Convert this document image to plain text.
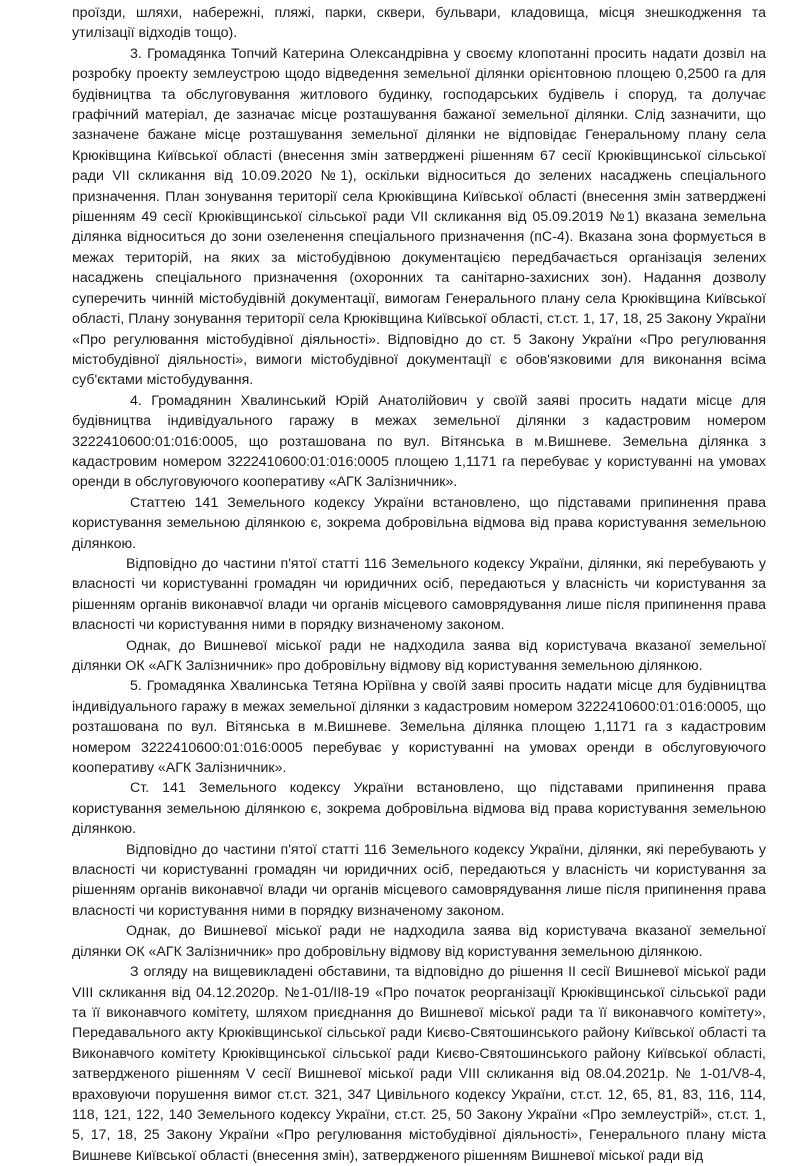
проїзди, шляхи, набережні, пляжі, парки, сквери, бульвари, кладовища, місця знешкодження та утилізації відходів тощо).

3. Громадянка Топчий Катерина Олександрівна у своєму клопотанні просить надати дозвіл на розробку проекту землеустрою щодо відведення земельної ділянки орієнтовною площею 0,2500 га для будівництва та обслуговування житлового будинку, господарських будівель і споруд, та долучає графічний матеріал, де зазначає місце розташування бажаної земельної ділянки. Слід зазначити, що зазначене бажане місце розташування земельної ділянки не відповідає Генеральному плану села Крюківщина Київської області (внесення змін затверджені рішенням 67 сесії Крюківщинської сільської ради VII скликання від 10.09.2020 №1), оскільки відноситься до зелених насаджень спеціального призначення. План зонування території села Крюківщина Київської області (внесення змін затверджені рішенням 49 сесії Крюківщинської сільської ради VII скликання від 05.09.2019 №1) вказана земельна ділянка відноситься до зони озеленення спеціального призначення (пС-4). Вказана зона формується в межах територій, на яких за містобудівною документацією передбачається організація зелених насаджень спеціального призначення (охоронних та санітарно-захисних зон). Надання дозволу суперечить чинній містобудівній документації, вимогам Генерального плану села Крюківщина Київської області, Плану зонування території села Крюківщина Київської області, ст.ст. 1, 17, 18, 25 Закону України «Про регулювання містобудівної діяльності». Відповідно до ст. 5 Закону України «Про регулювання містобудівної діяльності», вимоги містобудівної документації є обов'язковими для виконання всіма суб'єктами містобудування.

4. Громадянин Хвалинський Юрій Анатолійович у своїй заяві просить надати місце для будівництва індивідуального гаражу в межах земельної ділянки з кадастровим номером 3222410600:01:016:0005, що розташована по вул. Вітянська в м.Вишневе. Земельна ділянка з кадастровим номером 3222410600:01:016:0005 площею 1,1171 га перебуває у користуванні на умовах оренди в обслуговуючого кооперативу «АГК Залізничник».

Статтею 141 Земельного кодексу України встановлено, що підставами припинення права користування земельною ділянкою є, зокрема добровільна відмова від права користування земельною ділянкою.

Відповідно до частини п'ятої статті 116 Земельного кодексу України, ділянки, які перебувають у власності чи користуванні громадян чи юридичних осіб, передаються у власність чи користування за рішенням органів виконавчої влади чи органів місцевого самоврядування лише після припинення права власності чи користування ними в порядку визначеному законом.

Однак, до Вишневої міської ради не надходила заява від користувача вказаної земельної ділянки ОК «АГК Залізничник» про добровільну відмову від користування земельною ділянкою.

5. Громадянка Хвалинська Тетяна Юріївна у своїй заяві просить надати місце для будівництва індивідуального гаражу в межах земельної ділянки з кадастровим номером 3222410600:01:016:0005, що розташована по вул. Вітянська в м.Вишневе. Земельна ділянка площею 1,1171 га з кадастровим номером 3222410600:01:016:0005 перебуває у користуванні на умовах оренди в обслуговуючого кооперативу «АГК Залізничник».

Ст. 141 Земельного кодексу України встановлено, що підставами припинення права користування земельною ділянкою є, зокрема добровільна відмова від права користування земельною ділянкою.

Відповідно до частини п'ятої статті 116 Земельного кодексу України, ділянки, які перебувають у власності чи користуванні громадян чи юридичних осіб, передаються у власність чи користування за рішенням органів виконавчої влади чи органів місцевого самоврядування лише після припинення права власності чи користування ними в порядку визначеному законом.

Однак, до Вишневої міської ради не надходила заява від користувача вказаної земельної ділянки ОК «АГК Залізничник» про добровільну відмову від користування земельною ділянкою.

З огляду на вищевикладені обставини, та відповідно до рішення II сесії Вишневої міської ради VIII скликання від 04.12.2020р. №1-01/II8-19 «Про початок реорганізації Крюківщинської сільської ради та її виконавчого комітету, шляхом приєднання до Вишневої міської ради та її виконавчого комітету», Передавального акту Крюківщинської сільської ради Києво-Святошинського району Київської області та Виконавчого комітету Крюківщинської сільської ради Києво-Святошинського району Київської області, затвердженого рішенням V сесії Вишневої міської ради VIII скликання від 08.04.2021р. № 1-01/V8-4, враховуючи порушення вимог ст.ст. 321, 347 Цивільного кодексу України, ст.ст. 12, 65, 81, 83, 116, 114, 118, 121, 122, 140 Земельного кодексу України, ст.ст. 25, 50 Закону України «Про землеустрій», ст.ст. 1, 5, 17, 18, 25 Закону України «Про регулювання містобудівної діяльності», Генерального плану міста Вишневе Київської області (внесення змін), затвердженого рішенням Вишневої міської ради від
